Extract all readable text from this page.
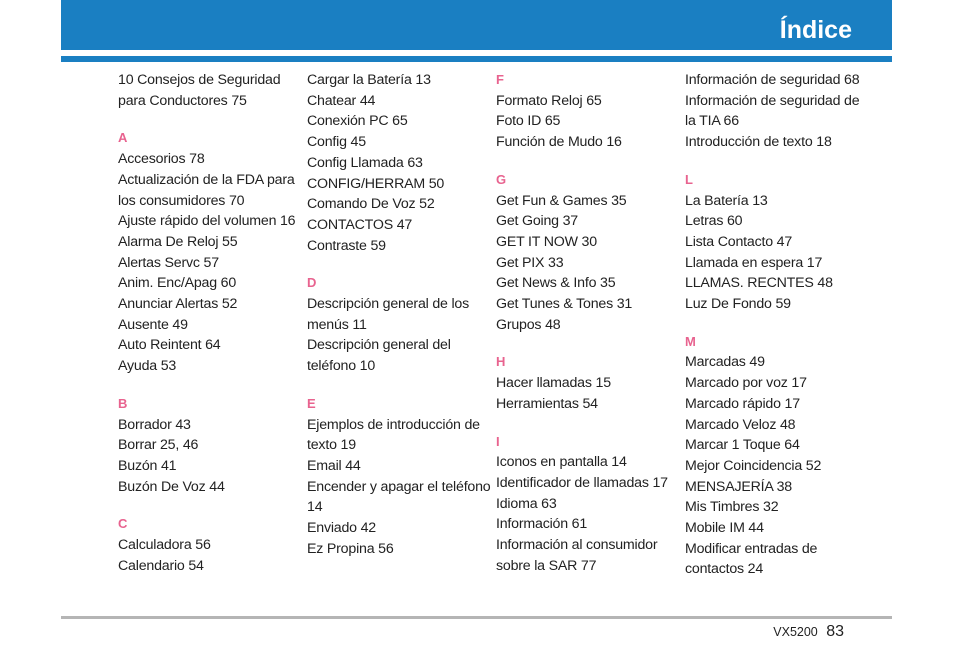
Índice
10 Consejos de Seguridad para Conductores 75
A
Accesorios 78
Actualización de la FDA para los consumidores 70
Ajuste rápido del volumen 16
Alarma De Reloj 55
Alertas Servc 57
Anim. Enc/Apag 60
Anunciar Alertas 52
Ausente 49
Auto Reintent 64
Ayuda 53
B
Borrador 43
Borrar 25, 46
Buzón 41
Buzón De Voz 44
C
Calculadora 56
Calendario 54
Cargar la Batería 13
Chatear 44
Conexión PC 65
Config 45
Config Llamada 63
CONFIG/HERRAM 50
Comando De Voz 52
CONTACTOS 47
Contraste 59
D
Descripción general de los menús 11
Descripción general del teléfono 10
E
Ejemplos de introducción de texto 19
Email 44
Encender y apagar el teléfono 14
Enviado 42
Ez Propina 56
F
Formato Reloj 65
Foto ID 65
Función de Mudo 16
G
Get Fun & Games 35
Get Going 37
GET IT NOW 30
Get PIX 33
Get News & Info 35
Get Tunes & Tones 31
Grupos 48
H
Hacer llamadas 15
Herramientas 54
I
Iconos en pantalla 14
Identificador de llamadas 17
Idioma 63
Información 61
Información al consumidor sobre la SAR 77
Información de seguridad 68
Información de seguridad de la TIA 66
Introducción de texto 18
L
La Batería 13
Letras 60
Lista Contacto 47
Llamada en espera 17
LLAMAS. RECNTES 48
Luz De Fondo 59
M
Marcadas 49
Marcado por voz 17
Marcado rápido 17
Marcado Veloz 48
Marcar 1 Toque 64
Mejor Coincidencia 52
MENSAJERÍA 38
Mis Timbres 32
Mobile IM 44
Modificar entradas de contactos 24
VX5200 83
